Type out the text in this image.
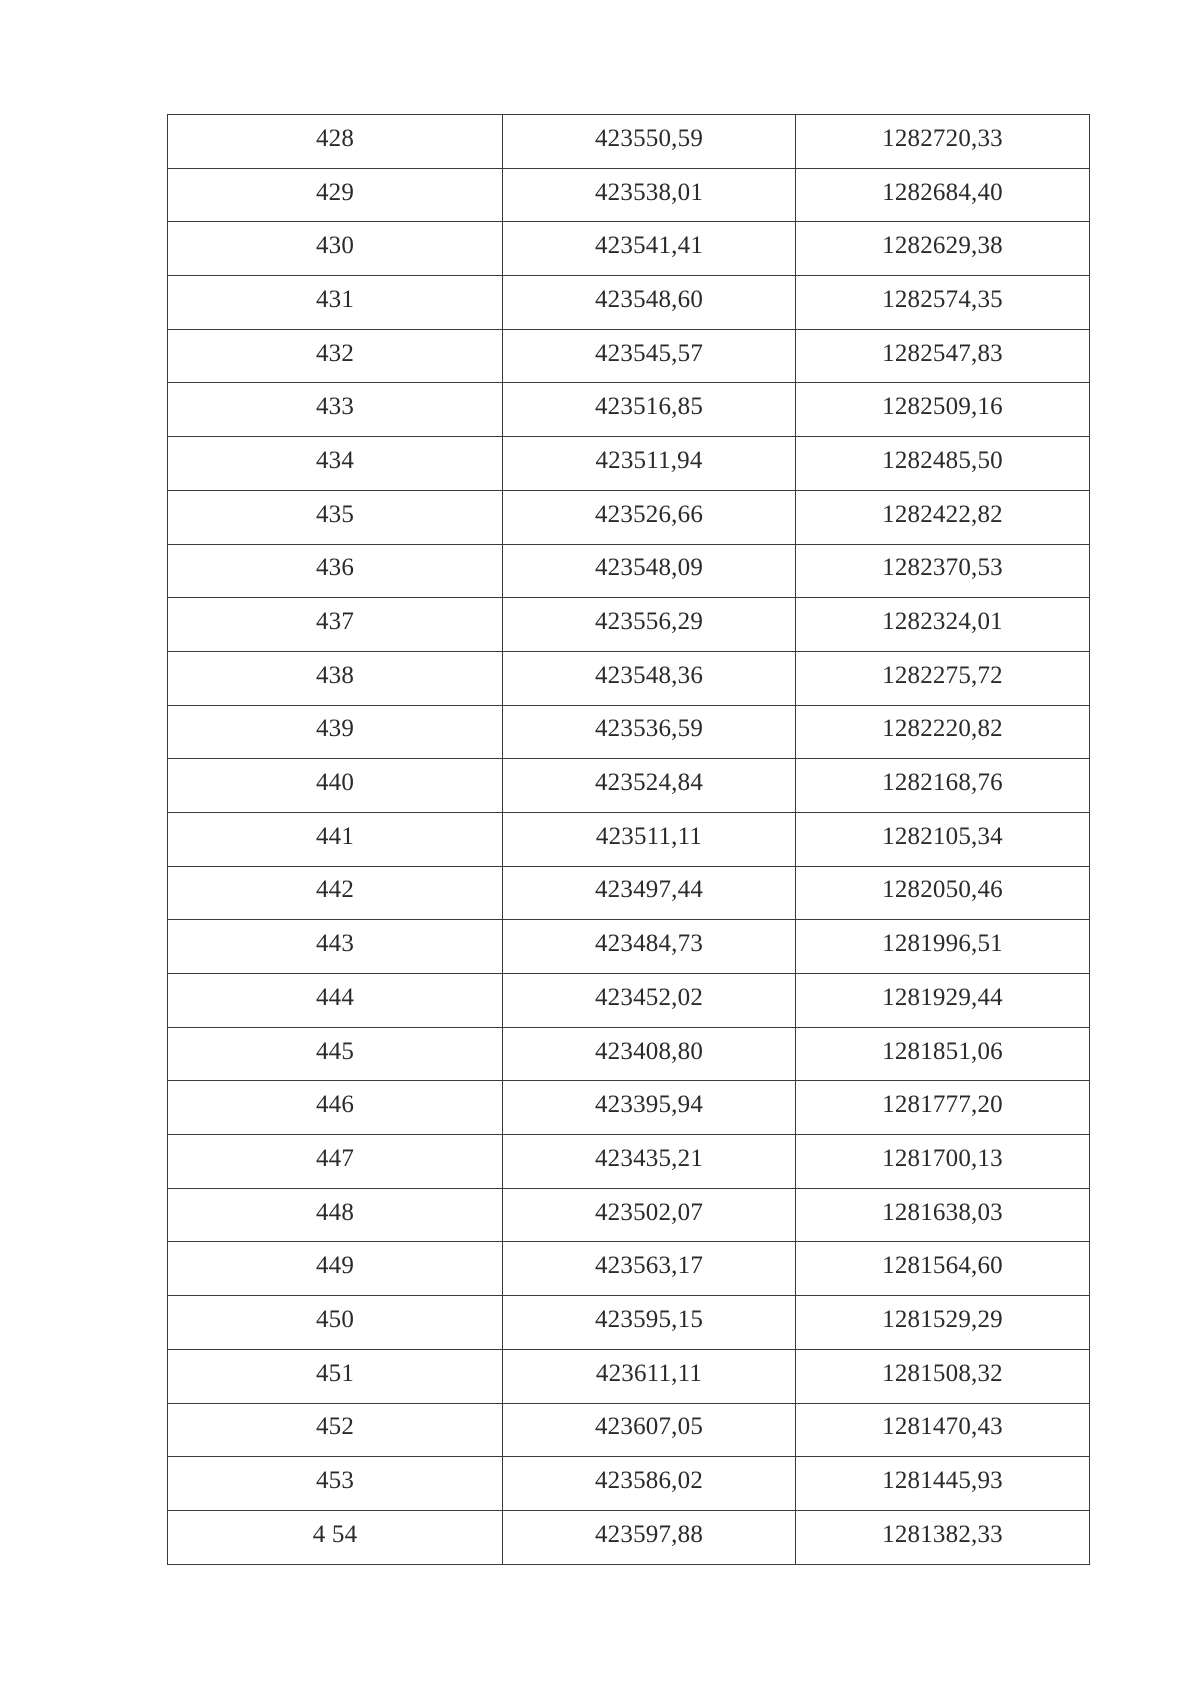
428	423550,59	1282720,33
429	423538,01	1282684,40
430	423541,41	1282629,38
431	423548,60	1282574,35
432	423545,57	1282547,83
433	423516,85	1282509,16
434	423511,94	1282485,50
435	423526,66	1282422,82
436	423548,09	1282370,53
437	423556,29	1282324,01
438	423548,36	1282275,72
439	423536,59	1282220,82
440	423524,84	1282168,76
441	423511,11	1282105,34
442	423497,44	1282050,46
443	423484,73	1281996,51
444	423452,02	1281929,44
445	423408,80	1281851,06
446	423395,94	1281777,20
447	423435,21	1281700,13
448	423502,07	1281638,03
449	423563,17	1281564,60
450	423595,15	1281529,29
451	423611,11	1281508,32
452	423607,05	1281470,43
453	423586,02	1281445,93
4 54	423597,88	1281382,33
